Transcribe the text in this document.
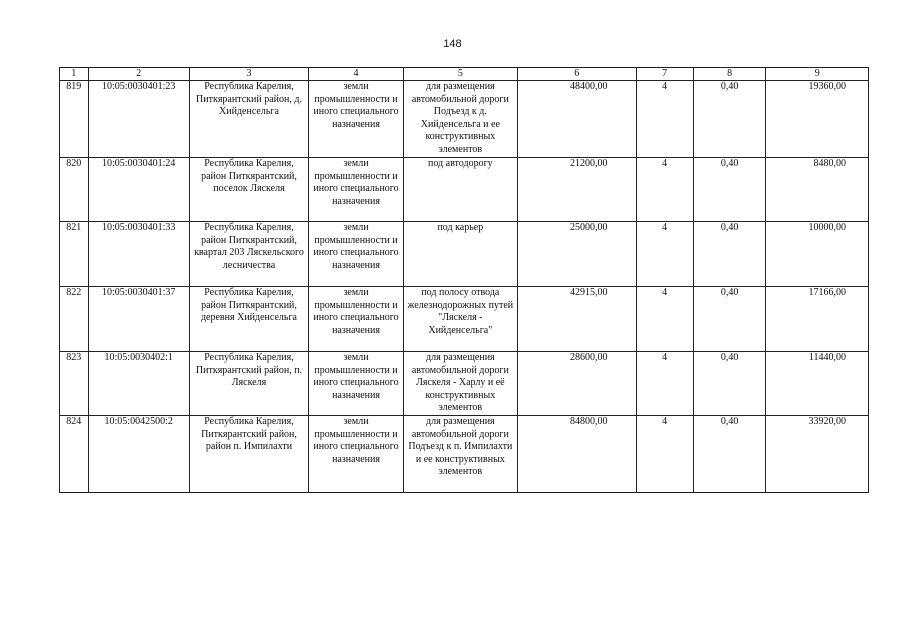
148
1	2	3	4	5	6	7	8	9
819	10:05:0030401:23	Республика Карелия, Питкярантский район, д. Хийденсельга	земли промышленности и иного специального назначения	для размещения автомобильной дороги Подъезд к д. Хийденсельга и ее конструктивных элементов	48400,00	4	0,40	19360,00
820	10:05:0030401:24	Республика Карелия, район Питкярантский, поселок Ляскеля	земли промышленности и иного специального назначения	под автодорогу	21200,00	4	0,40	8480,00
821	10:05:0030401:33	Республика Карелия, район Питкярантский, квартал 203 Ляскельского лесничества	земли промышленности и иного специального назначения	под карьер	25000,00	4	0,40	10000,00
822	10:05:0030401:37	Республика Карелия, район Питкярантский, деревня Хийденсельга	земли промышленности и иного специального назначения	под полосу отвода железнодорожных путей "Ляскеля - Хийденсельга"	42915,00	4	0,40	17166,00
823	10:05:0030402:1	Республика Карелия, Питкярантский район, п. Ляскеля	земли промышленности и иного специального назначения	для размещения автомобильной дороги Ляскеля - Харлу и её конструктивных элементов	28600,00	4	0,40	11440,00
824	10:05:0042500:2	Республика Карелия, Питкярантский район, район п. Импилахти	земли промышленности и иного специального назначения	для размещения автомобильной дороги Подъезд к п. Импилахти и ее конструктивных элементов	84800,00	4	0,40	33920,00
